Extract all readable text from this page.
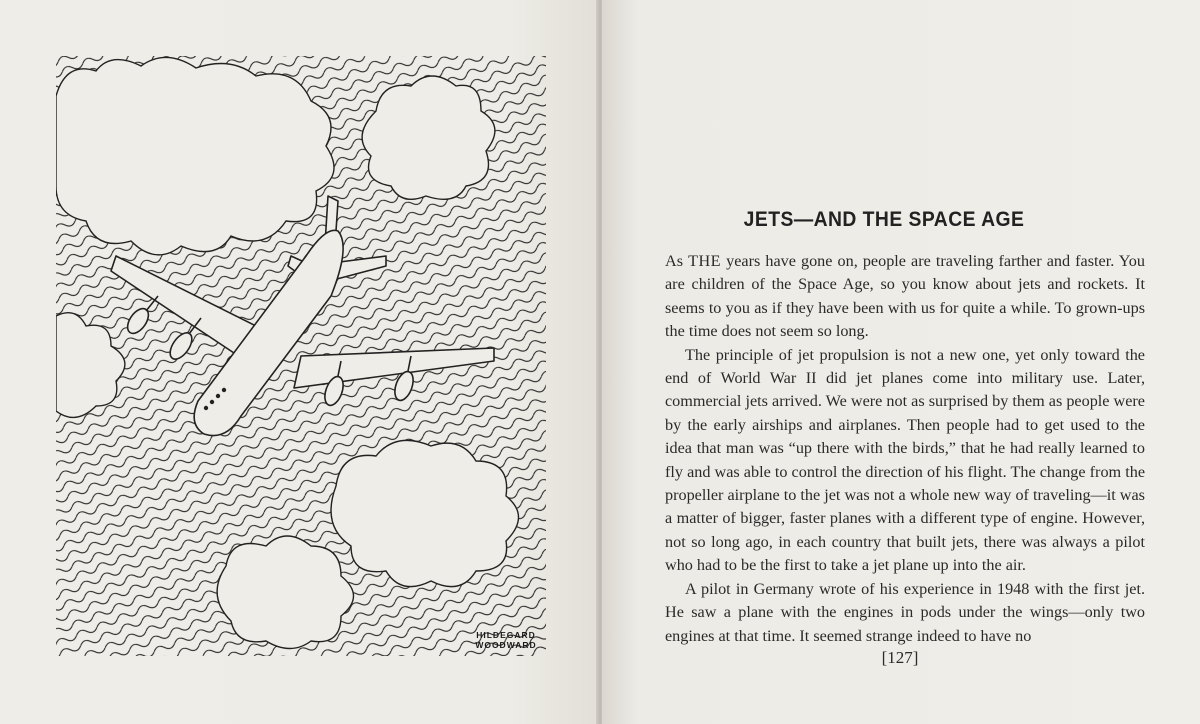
HILDEGARD
WOODWARD
JETS—AND THE SPACE AGE

As THE years have gone on, people are traveling farther and faster. You are children of the Space Age, so you know about jets and rockets. It seems to you as if they have been with us for quite a while. To grown-ups the time does not seem so long.

The principle of jet propulsion is not a new one, yet only toward the end of World War II did jet planes come into military use. Later, commercial jets arrived. We were not as surprised by them as people were by the early airships and airplanes. Then people had to get used to the idea that man was “up there with the birds,” that he had really learned to fly and was able to control the direction of his flight. The change from the propeller airplane to the jet was not a whole new way of traveling—it was a matter of bigger, faster planes with a different type of engine. However, not so long ago, in each country that built jets, there was always a pilot who had to be the first to take a jet plane up into the air.

A pilot in Germany wrote of his experience in 1948 with the first jet. He saw a plane with the engines in pods under the wings—only two engines at that time. It seemed strange indeed to have no

[127]
